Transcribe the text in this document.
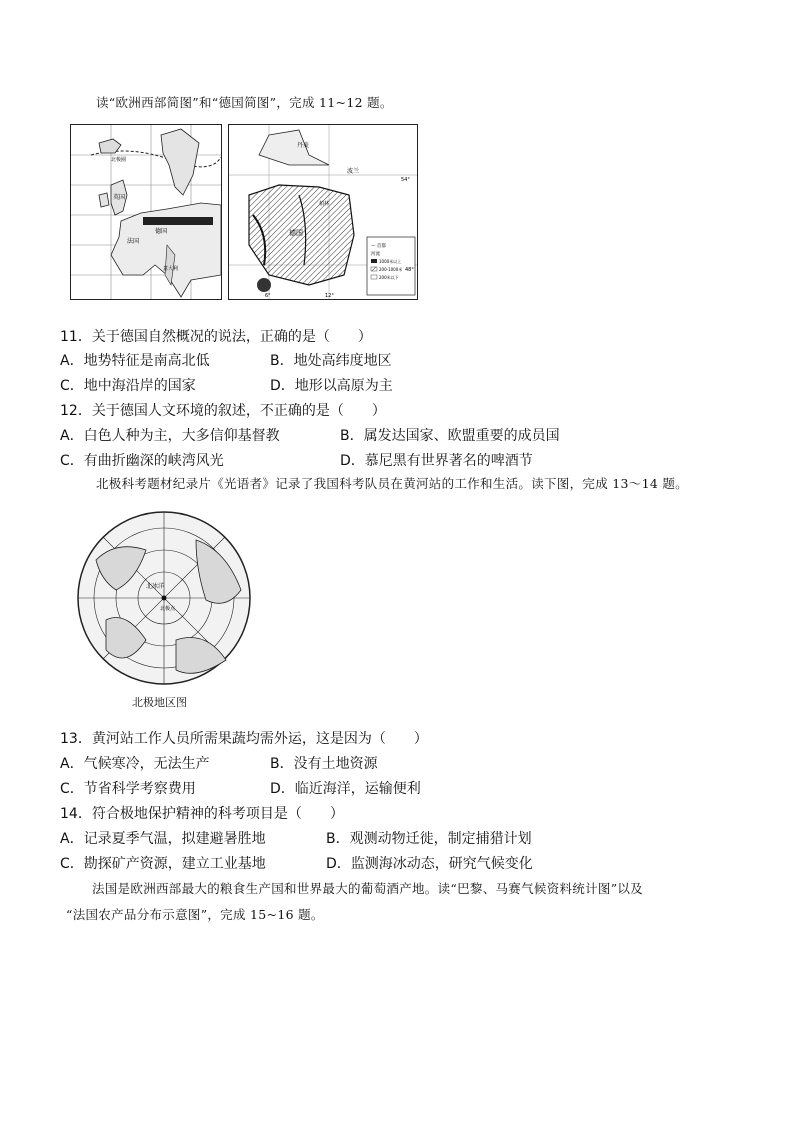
读“欧洲西部简图”和“德国简图”，完成 11~12 题。
北极圈
英国
法国
德国
意大利
丹麦
波兰
柏林
德国
— 首都
河流
1000米以上
200-1000米
200米以下
12°
6°
48°
54°
11．关于德国自然概况的说法，正确的是（　　）
A．地势特征是南高北低	B．地处高纬度地区
C．地中海沿岸的国家	D．地形以高原为主
12．关于德国人文环境的叙述，不正确的是（　　）
A．白色人种为主，大多信仰基督教	B．属发达国家、欧盟重要的成员国
C．有曲折幽深的峡湾风光	D．慕尼黑有世界著名的啤酒节
北极科考题材纪录片《光语者》记录了我国科考队员在黄河站的工作和生活。读下图，完成 13～14 题。
北冰洋
北极点
北极地区图
13．黄河站工作人员所需果蔬均需外运，这是因为（　　）
A．气候寒冷，无法生产	B．没有土地资源
C．节省科学考察费用	D．临近海洋，运输便利
14．符合极地保护精神的科考项目是（　　）
A．记录夏季气温，拟建避暑胜地	B．观测动物迁徙，制定捕猎计划
C．勘探矿产资源，建立工业基地	D．监测海冰动态，研究气候变化
法国是欧洲西部最大的粮食生产国和世界最大的葡萄酒产地。读“巴黎、马赛气候资料统计图”以及
“法国农产品分布示意图”，完成 15~16 题。
